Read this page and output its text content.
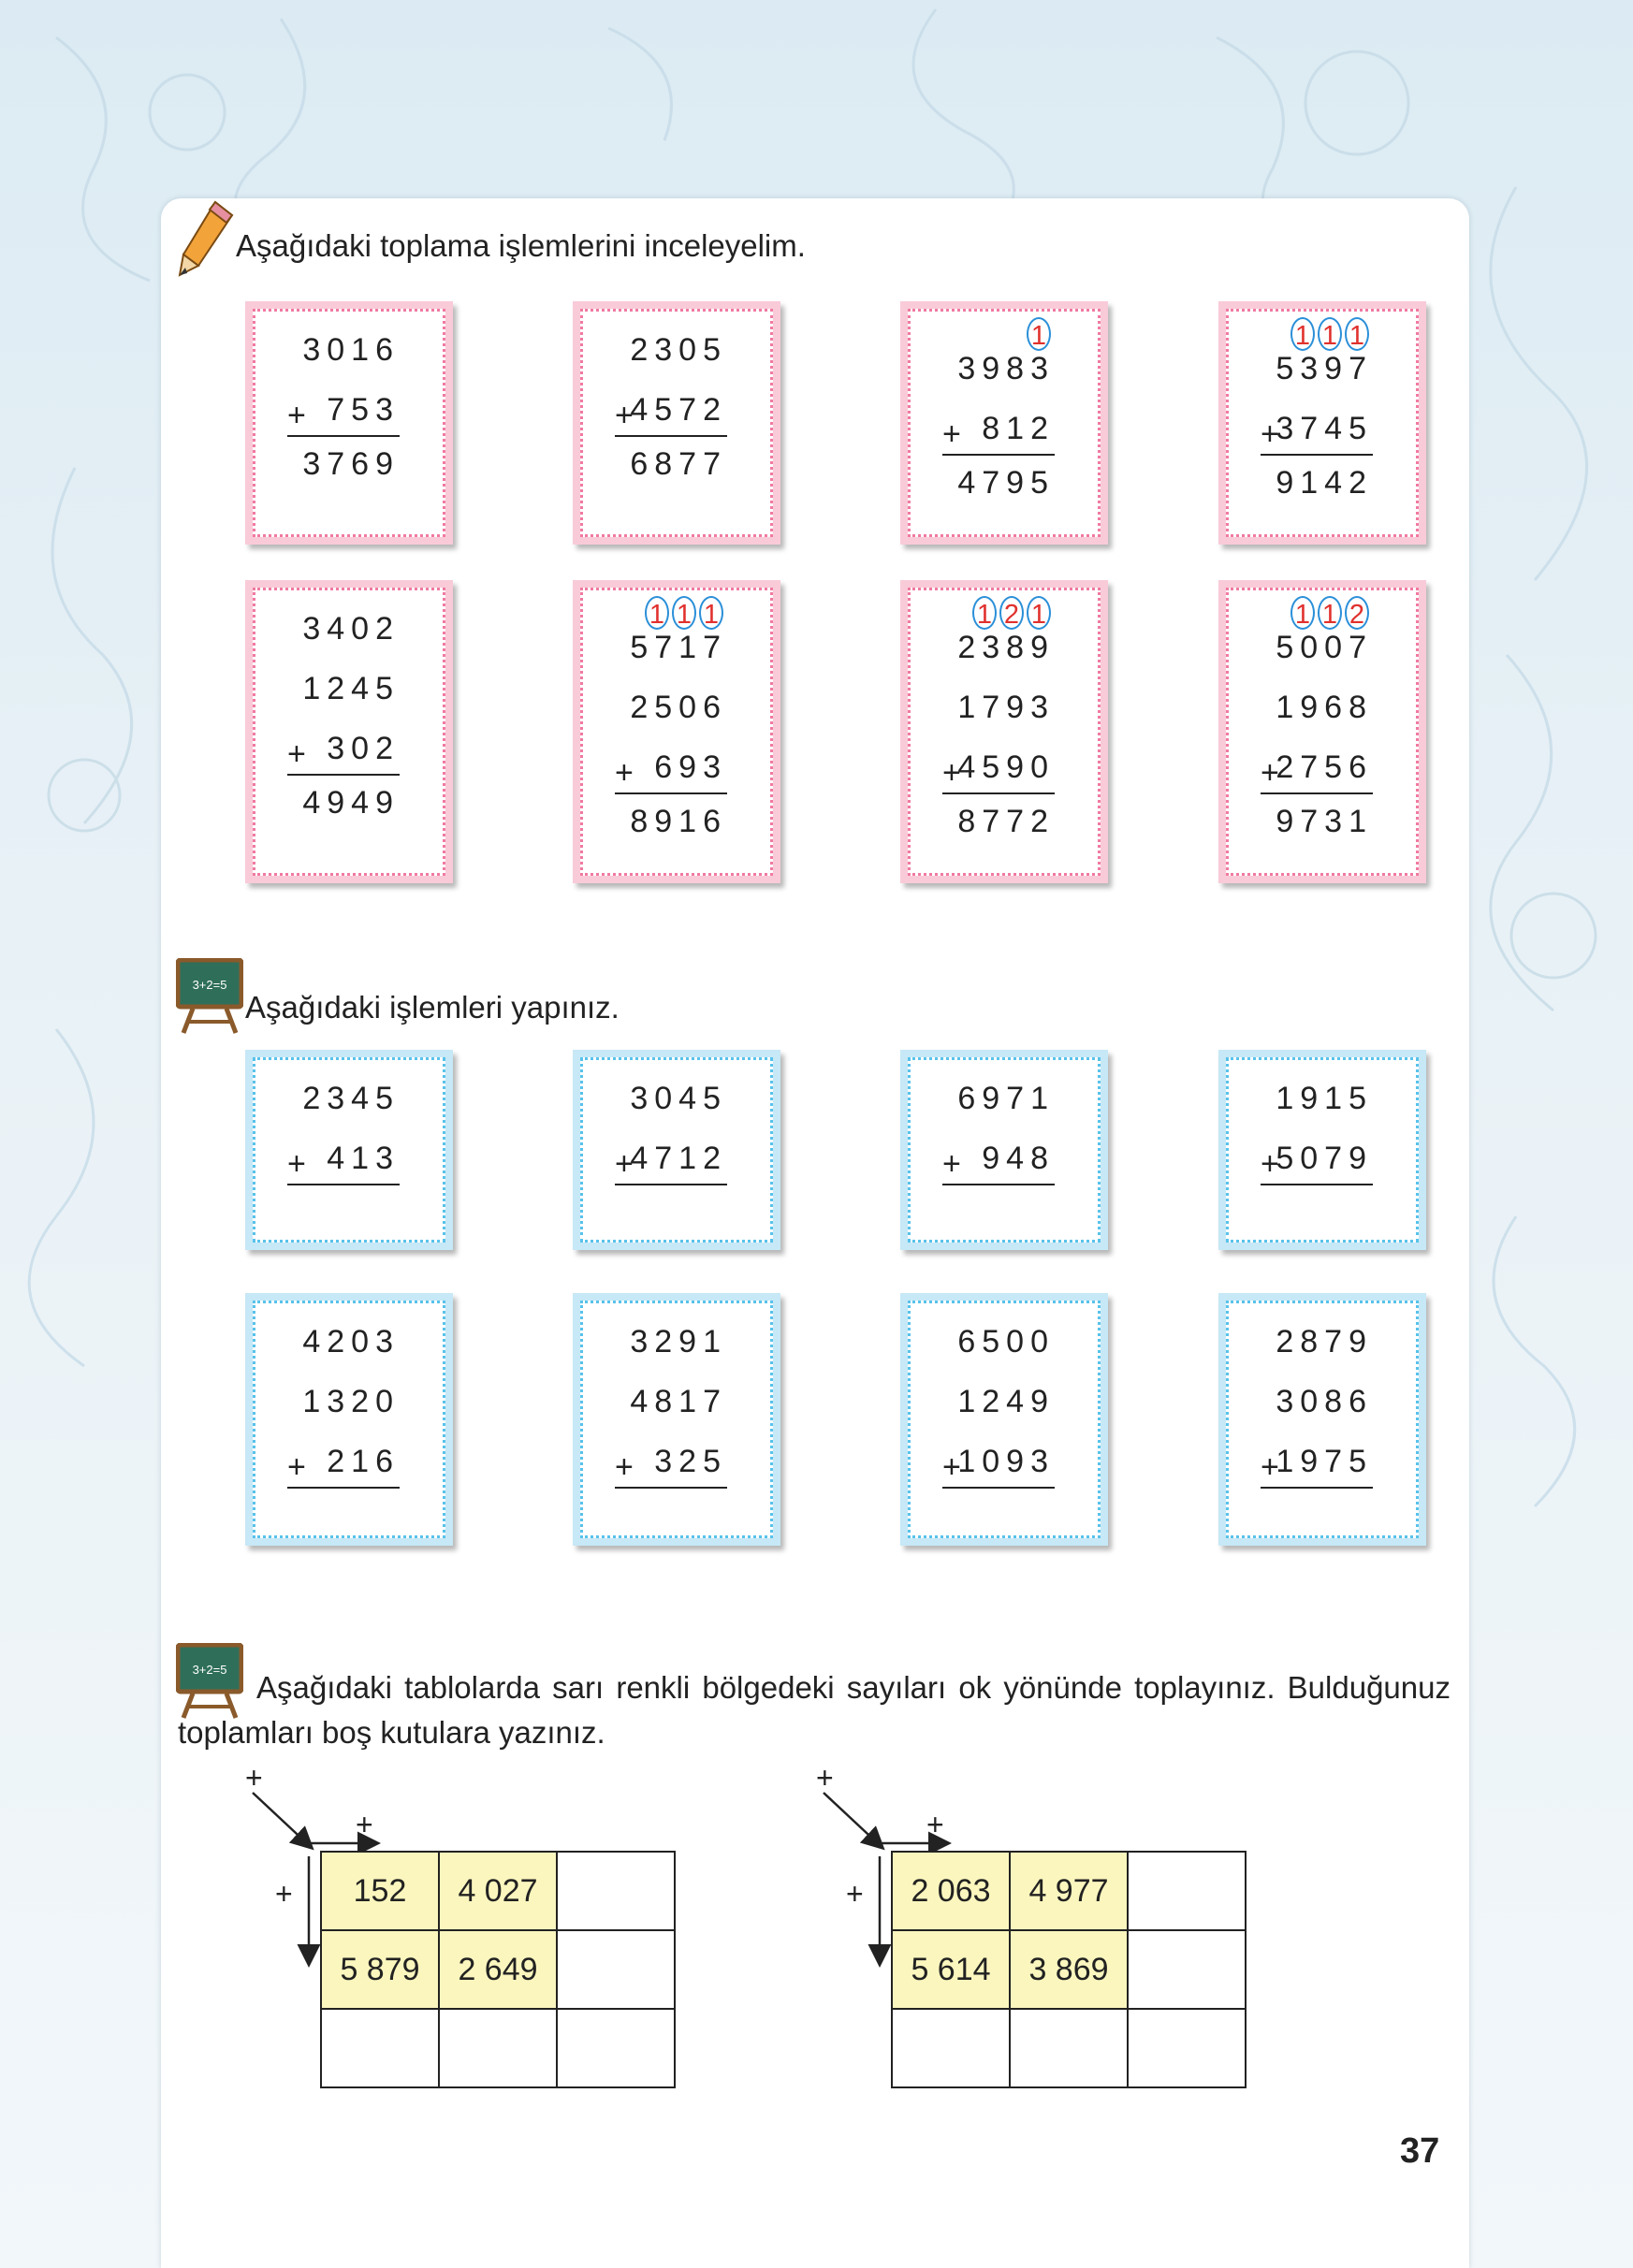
Aşağıdaki toplama işlemlerini inceleyelim.
3016
+ 753
3769
2305
+
4572
6877
1
3983
+ 812
4795
1 1 1
5397
+
3745
9142
3402
1245
+ 302
4949
1 1 1
5717
2506
+ 693
8916
1 2 1
2389
1793
+
4590
8772
1 1 2
5007
1968
+
2756
9731
3+2=5
Aşağıdaki işlemleri yapınız.
2345
+ 413
3045
+
4712
6971
+ 948
1915
+
5079
4203
1320
+ 216
3291
4817
+ 325
6500
1249
+
1093
2879
3086
+
1975
3+2=5
Aşağıdaki tablolarda sarı renkli bölgedeki sayıları ok yönünde toplayınız. Bulduğunuz toplamları boş kutulara yazınız.
+
+
+ 152	4 027	
5 879	2 649	

+
+
+ 2 063	4 977	
5 614	3 869	

37
